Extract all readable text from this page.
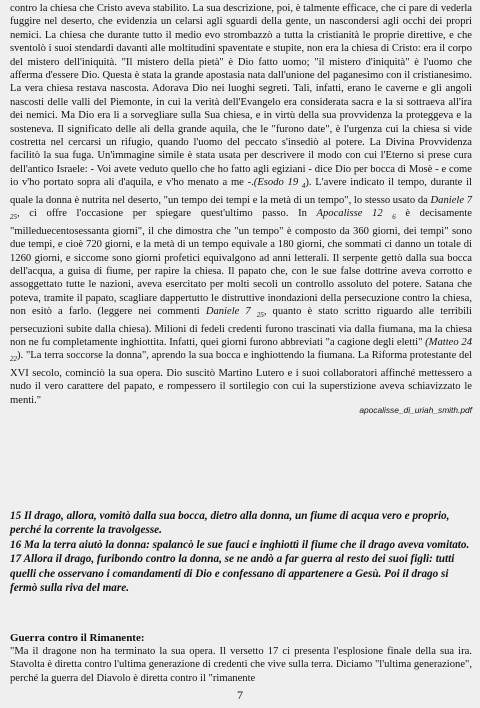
contro la chiesa che Cristo aveva stabilito. La sua descrizione, poi, è talmente efficace, che ci pare di vederla fuggire nel deserto, che evidenzia un celarsi agli sguardi della gente, un nascondersi agli occhi dei propri nemici. La chiesa che durante tutto il medio evo strombazzò a tutta la cristianità le proprie direttive, e che sventolò i suoi stendardi davanti alle moltitudini spaventate e stupite, non era la chiesa di Cristo: era il corpo del mistero dell'iniquità. "Il mistero della pietà" è Dio fatto uomo; "il mistero d'iniquità" è l'uomo che afferma d'essere Dio. Questa è stata la grande apostasia nata dall'unione del paganesimo con il cristianesimo. La vera chiesa restava nascosta. Adorava Dio nei luoghi segreti. Tali, infatti, erano le caverne e gli angoli nascosti delle valli del Piemonte, in cui la verità dell'Evangelo era considerata sacra e la si sottraeva all'ira dei nemici. Ma Dio era lì a sorvegliare sulla Sua chiesa, e in virtù della sua provvidenza la proteggeva e la sosteneva. Il significato delle ali della grande aquila, che le "furono date", è l'urgenza cui la chiesa si vide costretta nel cercarsi un rifugio, quando l'uomo del peccato s'insediò al potere. La Divina Provvidenza facilitò la sua fuga. Un'immagine simile è stata usata per descrivere il modo con cui l'Eterno si prese cura dell'antico Israele: - Voi avete veduto quello che ho fatto agli egiziani - dice Dio per bocca di Mosè - e come io v'ho portato sopra ali d'aquila, e v'ho menato a me -.(Esodo 19 $_4$). L'avere indicato il tempo, durante il quale la donna è nutrita nel deserto, "un tempo dei tempi e la metà di un tempo", lo stesso usato da Daniele 7 $_{25}$, ci offre l'occasione per spiegare quest'ultimo passo. In Apocalisse 12 $_6$ è decisamente "milleduecentosessanta giorni", il che dimostra che "un tempo" è composto da 360 giorni, dei tempi" sono due tempi, e cioè 720 giorni, e la metà di un tempo equivale a 180 giorni, che sommati ci danno un totale di 1260 giorni, e siccome sono giorni profetici equivalgono ad anni letterali. Il serpente gettò dalla sua bocca dell'acqua, a guisa di fiume, per rapire la chiesa. Il papato che, con le sue false dottrine aveva corrotto e assoggettato tutte le nazioni, aveva esercitato per molti secoli un controllo assoluto del potere. Satana che poteva, tramite il papato, scagliare dappertutto le distruttive inondazioni della persecuzione contro la chiesa, non esitò a farlo. (leggere nei commenti Daniele 7 $_{25}$, quanto è stato scritto riguardo alle terribili persecuzioni subite dalla chiesa). Milioni di fedeli credenti furono trascinati via dalla fiumana, ma la chiesa non ne fu completamente inghiottita. Infatti, quei giorni furono abbreviati "a cagione degli eletti" (Matteo 24 $_{22}$). "La terra soccorse la donna", aprendo la sua bocca e inghiottendo la fiumana. La Riforma protestante del XVI secolo, cominciò la sua opera. Dio suscitò Martino Lutero e i suoi collaboratori affinché mettessero a nudo il vero carattere del papato, e rompessero il sortilegio con cui la superstizione aveva schiavizzato le menti."
apocalisse_di_uriah_smith.pdf

15 Il drago, allora, vomitò dalla sua bocca, dietro alla donna, un fiume di acqua vero e proprio, perché la corrente la travolgesse.

16 Ma la terra aiutò la donna: spalancò le sue fauci e inghiottì il fiume che il drago aveva vomitato.

17 Allora il drago, furibondo contro la donna, se ne andò a far guerra al resto dei suoi figli: tutti quelli che osservano i comandamenti di Dio e confessano di appartenere a Gesù. Poi il drago si fermò sulla riva del mare.

Guerra contro il Rimanente:

"Ma il dragone non ha terminato la sua opera. Il versetto 17 ci presenta l'esplosione finale della sua ira. Stavolta è diretta contro l'ultima generazione di credenti che vive sulla terra. Diciamo "l'ultima generazione", perché la guerra del Diavolo è diretta contro il "rimanente

7
